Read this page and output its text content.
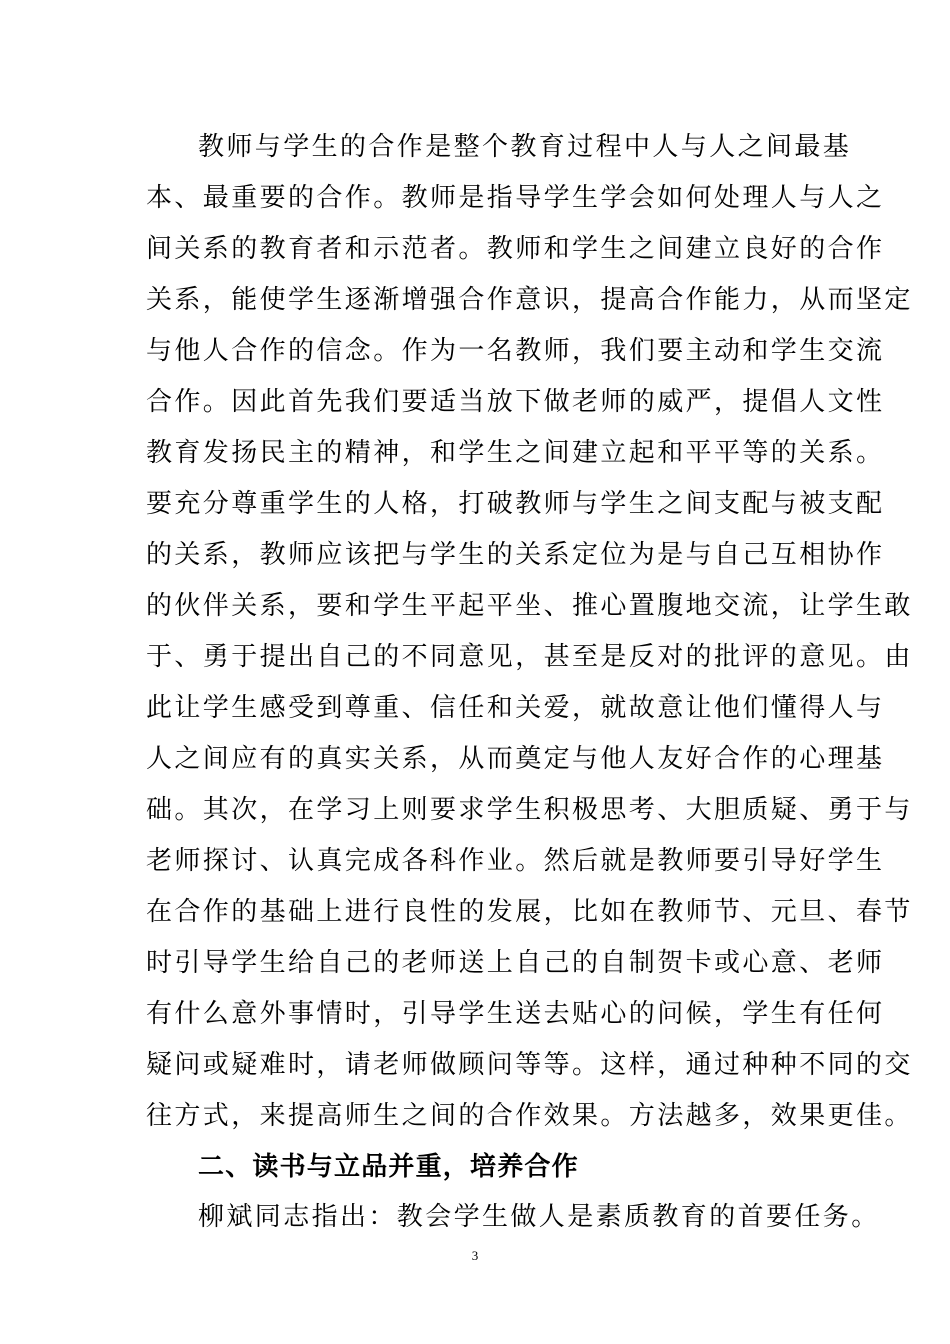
教师与学生的合作是整个教育过程中人与人之间最基
本、最重要的合作。教师是指导学生学会如何处理人与人之
间关系的教育者和示范者。教师和学生之间建立良好的合作
关系，能使学生逐渐增强合作意识，提高合作能力，从而坚定
与他人合作的信念。作为一名教师，我们要主动和学生交流
合作。因此首先我们要适当放下做老师的威严，提倡人文性
教育发扬民主的精神，和学生之间建立起和平平等的关系。
要充分尊重学生的人格，打破教师与学生之间支配与被支配
的关系，教师应该把与学生的关系定位为是与自己互相协作
的伙伴关系，要和学生平起平坐、推心置腹地交流，让学生敢
于、勇于提出自己的不同意见，甚至是反对的批评的意见。由
此让学生感受到尊重、信任和关爱，就故意让他们懂得人与
人之间应有的真实关系，从而奠定与他人友好合作的心理基
础。其次，在学习上则要求学生积极思考、大胆质疑、勇于与
老师探讨、认真完成各科作业。然后就是教师要引导好学生
在合作的基础上进行良性的发展，比如在教师节、元旦、春节
时引导学生给自己的老师送上自己的自制贺卡或心意、老师
有什么意外事情时，引导学生送去贴心的问候，学生有任何
疑问或疑难时，请老师做顾问等等。这样，通过种种不同的交
往方式，来提高师生之间的合作效果。方法越多，效果更佳。
二、读书与立品并重，培养合作
柳斌同志指出：教会学生做人是素质教育的首要任务。
3
